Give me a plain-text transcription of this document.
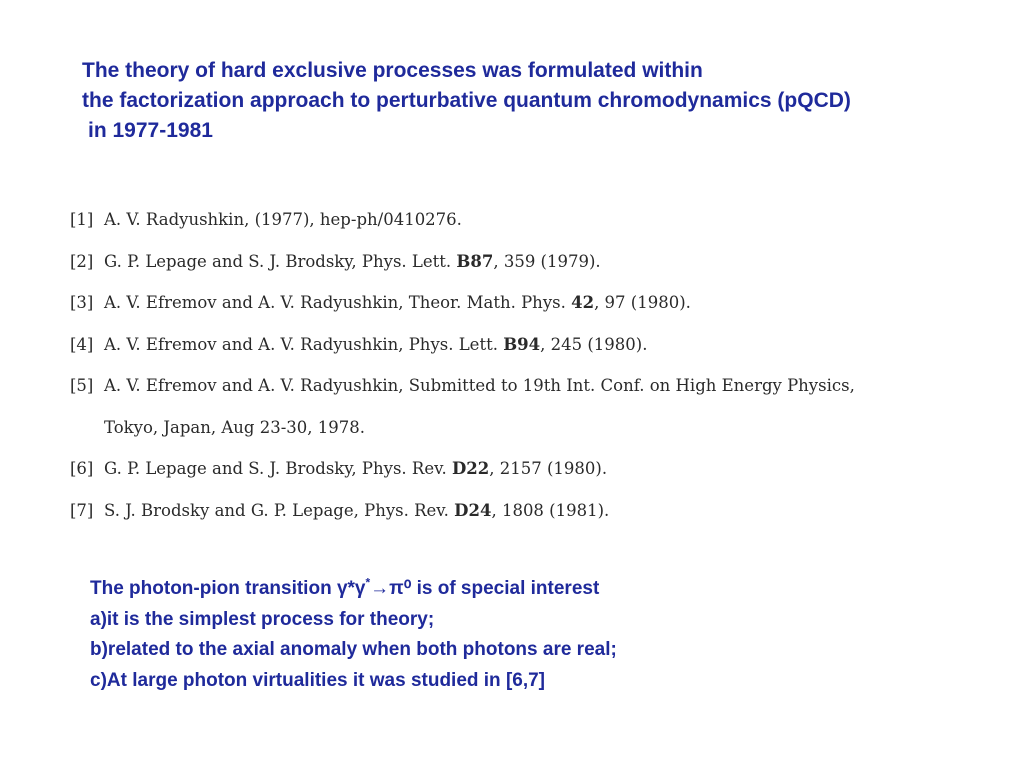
The theory of hard exclusive processes was formulated within
the factorization approach to perturbative quantum chromodynamics (pQCD)
in 1977-1981
[1] A. V. Radyushkin, (1977), hep-ph/0410276.
[2] G. P. Lepage and S. J. Brodsky, Phys. Lett. B87, 359 (1979).
[3] A. V. Efremov and A. V. Radyushkin, Theor. Math. Phys. 42, 97 (1980).
[4] A. V. Efremov and A. V. Radyushkin, Phys. Lett. B94, 245 (1980).
[5] A. V. Efremov and A. V. Radyushkin, Submitted to 19th Int. Conf. on High Energy Physics,
Tokyo, Japan, Aug 23-30, 1978.
[6] G. P. Lepage and S. J. Brodsky, Phys. Rev. D22, 2157 (1980).
[7] S. J. Brodsky and G. P. Lepage, Phys. Rev. D24, 1808 (1981).
The photon-pion transition γ*γ*→π⁰ is of special interest
a)it is the simplest process for theory;
b)related to the axial anomaly when both photons are real;
c)At large photon virtualities it was studied in [6,7]
